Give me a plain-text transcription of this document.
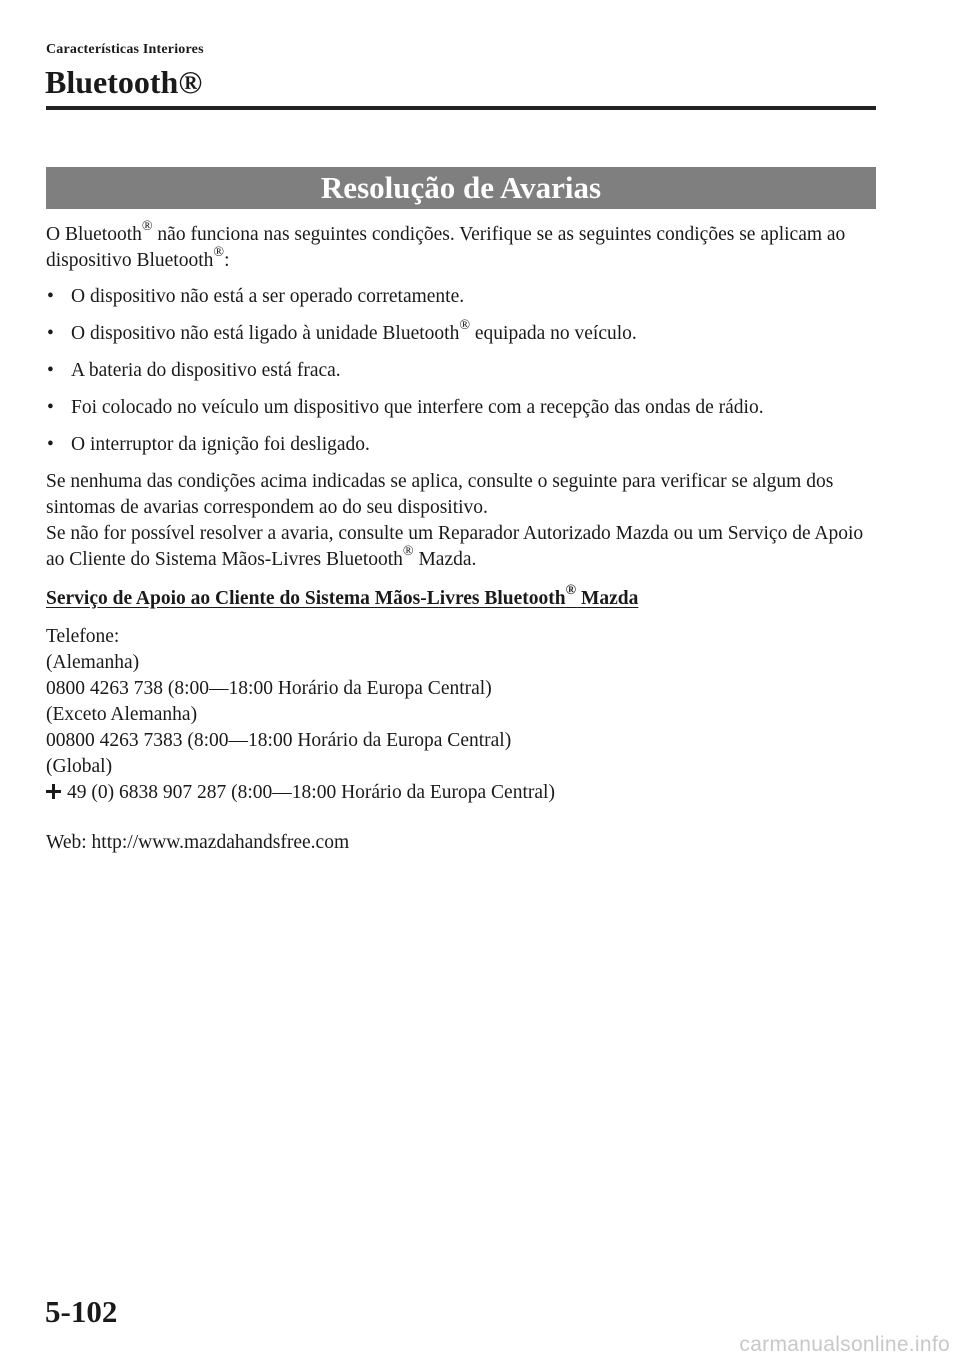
Características Interiores
Bluetooth®
Resolução de Avarias

O Bluetooth® não funciona nas seguintes condições. Verifique se as seguintes condições se aplicam ao dispositivo Bluetooth®:

• O dispositivo não está a ser operado corretamente.
• O dispositivo não está ligado à unidade Bluetooth® equipada no veículo.
• A bateria do dispositivo está fraca.
• Foi colocado no veículo um dispositivo que interfere com a recepção das ondas de rádio.
• O interruptor da ignição foi desligado.

Se nenhuma das condições acima indicadas se aplica, consulte o seguinte para verificar se algum dos sintomas de avarias correspondem ao do seu dispositivo.

Se não for possível resolver a avaria, consulte um Reparador Autorizado Mazda ou um Serviço de Apoio ao Cliente do Sistema Mãos-Livres Bluetooth® Mazda.

Serviço de Apoio ao Cliente do Sistema Mãos-Livres Bluetooth® Mazda

Telefone:

(Alemanha)

0800 4263 738 (8:00—18:00 Horário da Europa Central)

(Exceto Alemanha)

00800 4263 7383 (8:00—18:00 Horário da Europa Central)

(Global)

49 (0) 6838 907 287 (8:00—18:00 Horário da Europa Central)

Web: http://www.mazdahandsfree.com

5-102
carmanualsonline.info
